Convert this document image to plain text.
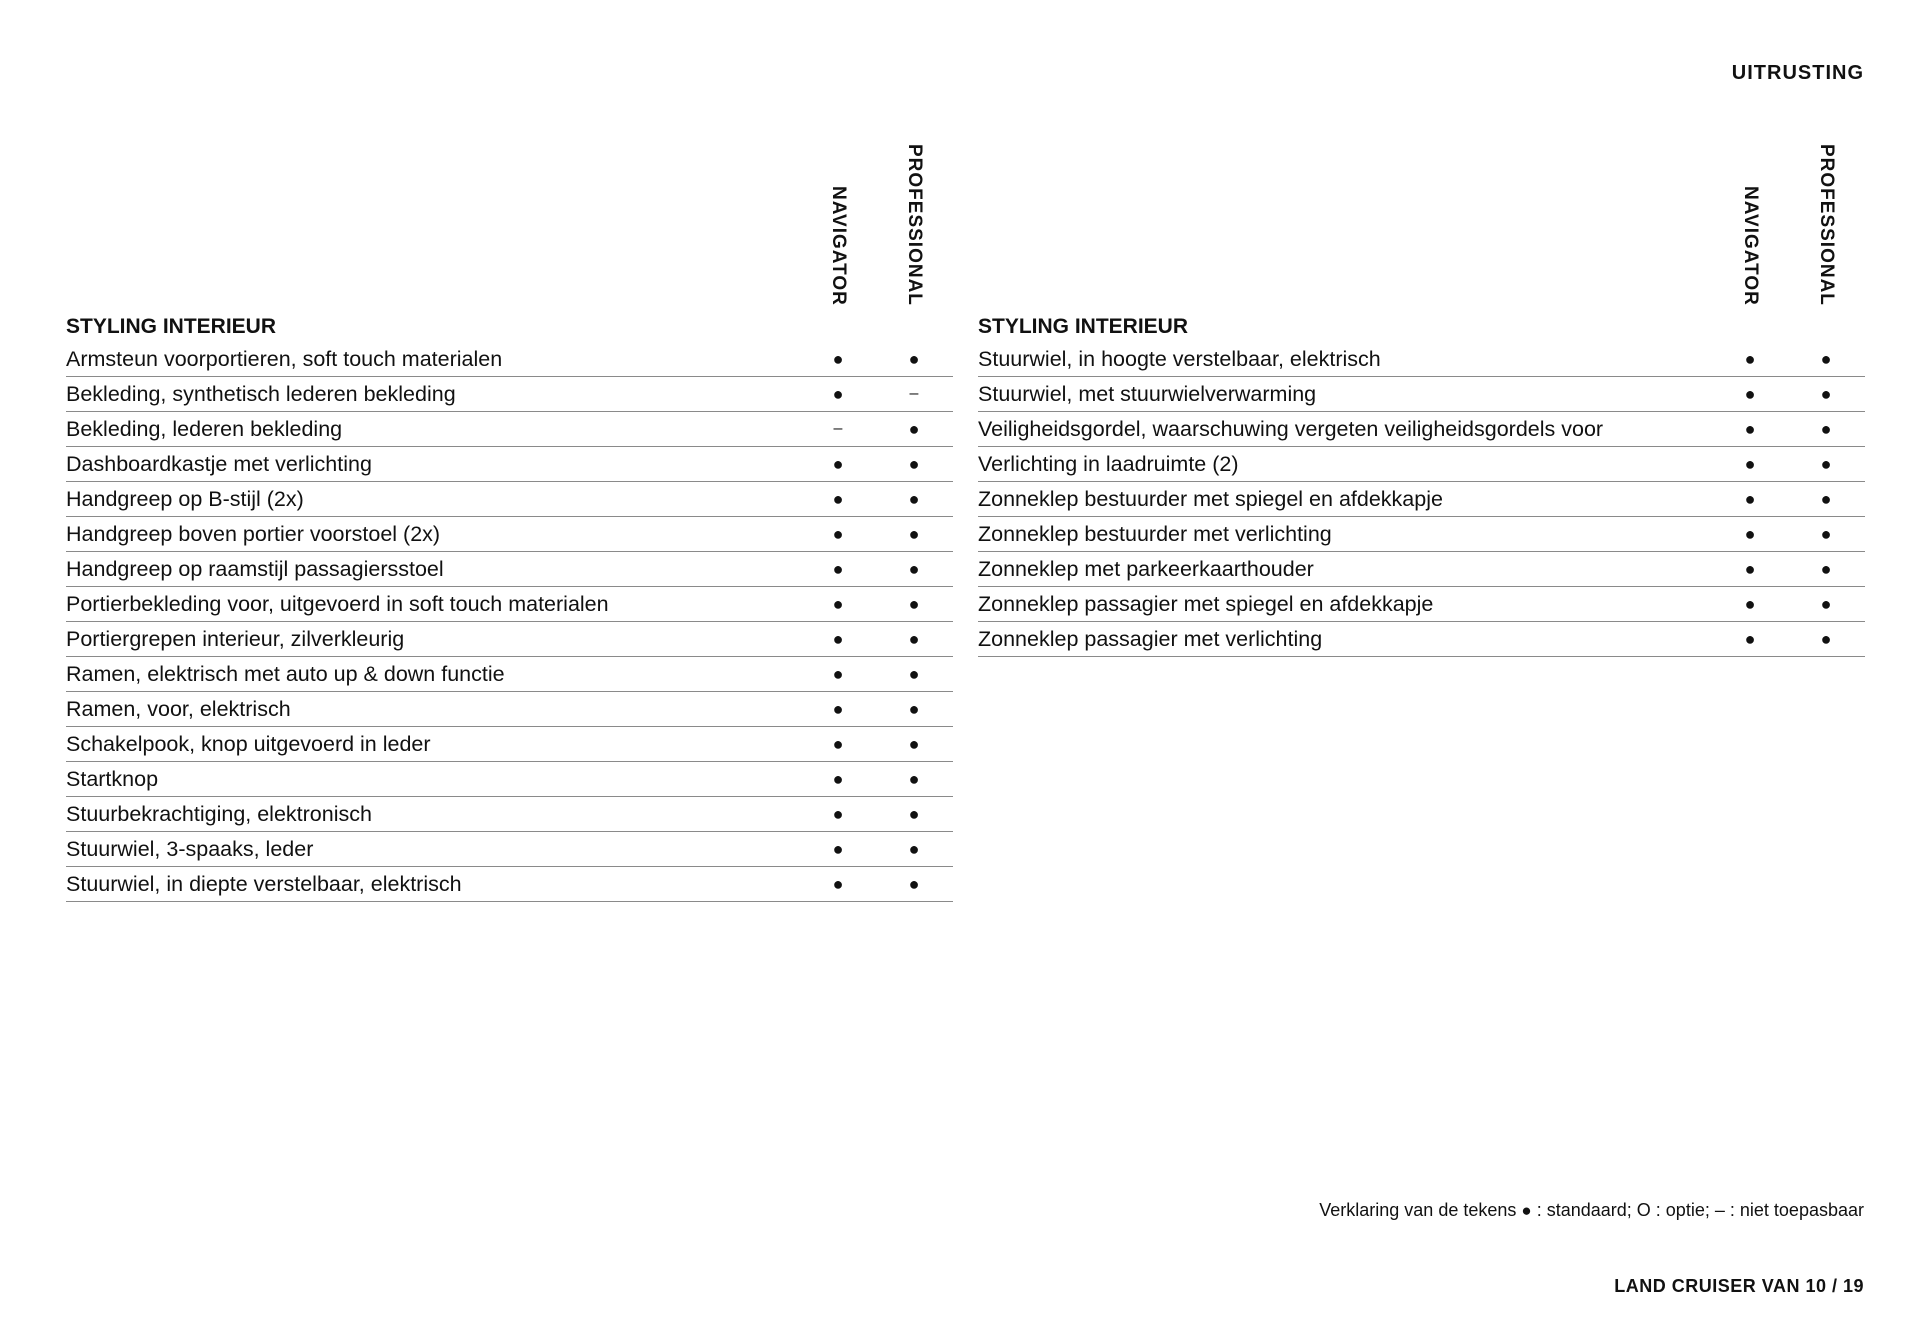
UITRUSTING
NAVIGATOR	PROFESSIONAL
STYLING INTERIEUR
Armsteun voorportieren, soft touch materialen	●	●
Bekleding, synthetisch lederen bekleding	●	–
Bekleding, lederen bekleding	–	●
Dashboardkastje met verlichting	●	●
Handgreep op B-stijl (2x)	●	●
Handgreep boven portier voorstoel (2x)	●	●
Handgreep op raamstijl passagiersstoel	●	●
Portierbekleding voor, uitgevoerd in soft touch materialen	●	●
Portiergrepen interieur, zilverkleurig	●	●
Ramen, elektrisch met auto up & down functie	●	●
Ramen, voor, elektrisch	●	●
Schakelpook, knop uitgevoerd in leder	●	●
Startknop	●	●
Stuurbekrachtiging, elektronisch	●	●
Stuurwiel, 3-spaaks, leder	●	●
Stuurwiel, in diepte verstelbaar, elektrisch	●	●
NAVIGATOR	PROFESSIONAL
STYLING INTERIEUR
Stuurwiel, in hoogte verstelbaar, elektrisch	●	●
Stuurwiel, met stuurwielverwarming	●	●
Veiligheidsgordel, waarschuwing vergeten veiligheidsgordels voor	●	●
Verlichting in laadruimte (2)	●	●
Zonneklep bestuurder met spiegel en afdekkapje	●	●
Zonneklep bestuurder met verlichting	●	●
Zonneklep met parkeerkaarthouder	●	●
Zonneklep passagier met spiegel en afdekkapje	●	●
Zonneklep passagier met verlichting	●	●
Verklaring van de tekens ● : standaard; O : optie; – : niet toepasbaar
LAND CRUISER VAN 10 / 19
